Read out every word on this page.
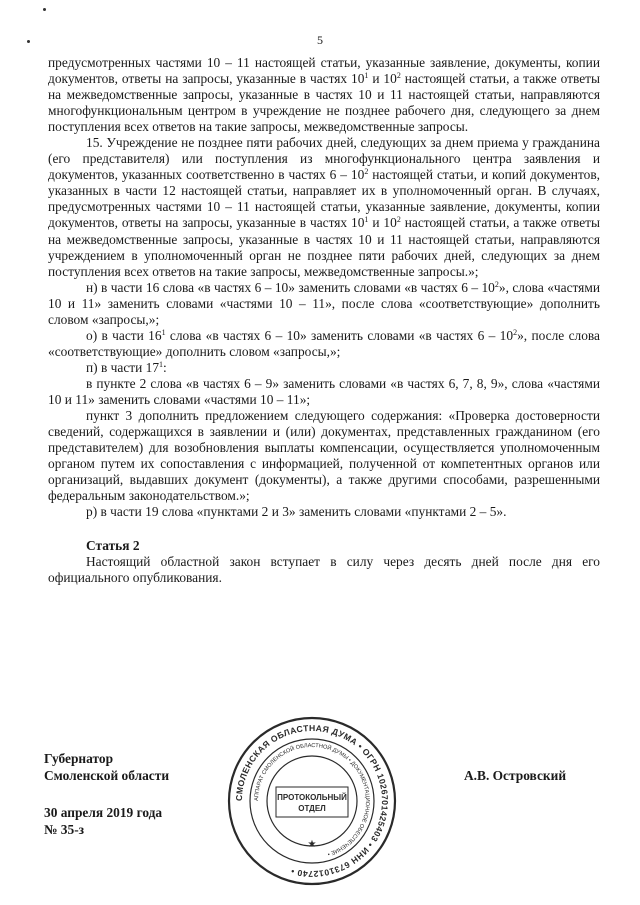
5

предусмотренных частями 10 – 11 настоящей статьи, указанные заявление, документы, копии документов, ответы на запросы, указанные в частях $10^1$ и $10^2$ настоящей статьи, а также ответы на межведомственные запросы, указанные в частях 10 и 11 настоящей статьи, направляются многофункциональным центром в учреждение не позднее рабочего дня, следующего за днем поступления всех ответов на такие запросы, межведомственные запросы.

15. Учреждение не позднее пяти рабочих дней, следующих за днем приема у гражданина (его представителя) или поступления из многофункционального центра заявления и документов, указанных соответственно в частях $6 - 10^2$ настоящей статьи, и копий документов, указанных в части 12 настоящей статьи, направляет их в уполномоченный орган. В случаях, предусмотренных частями 10 – 11 настоящей статьи, указанные заявление, документы, копии документов, ответы на запросы, указанные в частях $10^1$ и $10^2$ настоящей статьи, а также ответы на межведомственные запросы, указанные в частях 10 и 11 настоящей статьи, направляются учреждением в уполномоченный орган не позднее пяти рабочих дней, следующих за днем поступления всех ответов на такие запросы, межведомственные запросы.»;

н) в части 16 слова «в частях 6 – 10» заменить словами «в частях $6 - 10^2$», слова «частями 10 и 11» заменить словами «частями 10 – 11», после слова «соответствующие» дополнить словом «запросы,»;

о) в части $16^1$ слова «в частях 6 – 10» заменить словами «в частях $6 - 10^2$», после слова «соответствующие» дополнить словом «запросы,»;

п) в части $17^1$:

в пункте 2 слова «в частях 6 – 9» заменить словами «в частях 6, 7, 8, 9», слова «частями 10 и 11» заменить словами «частями 10 – 11»;

пункт 3 дополнить предложением следующего содержания: «Проверка достоверности сведений, содержащихся в заявлении и (или) документах, представленных гражданином (его представителем) для возобновления выплаты компенсации, осуществляется уполномоченным органом путем их сопоставления с информацией, полученной от компетентных органов или организаций, выдавших документ (документы), а также другими способами, разрешенными федеральным законодательством.»;

р) в части 19 слова «пунктами 2 и 3» заменить словами «пунктами 2 – 5».

Статья 2

Настоящий областной закон вступает в силу через десять дней после дня его официального опубликования.

Губернатор
Смоленской области
30 апреля 2019 года
№ 35-з
А.В. Островский
СМОЛЕНСКАЯ ОБЛАСТНАЯ ДУМА • ОГРН 1026701425403 • ИНН 6731012740 •
АППАРАТ СМОЛЕНСКОЙ ОБЛАСТНОЙ ДУМЫ • ДОКУМЕНТАЦИОННОЕ ОБЕСПЕЧЕНИЕ •
ПРОТОКОЛЬНЫЙ
ОТДЕЛ
★
